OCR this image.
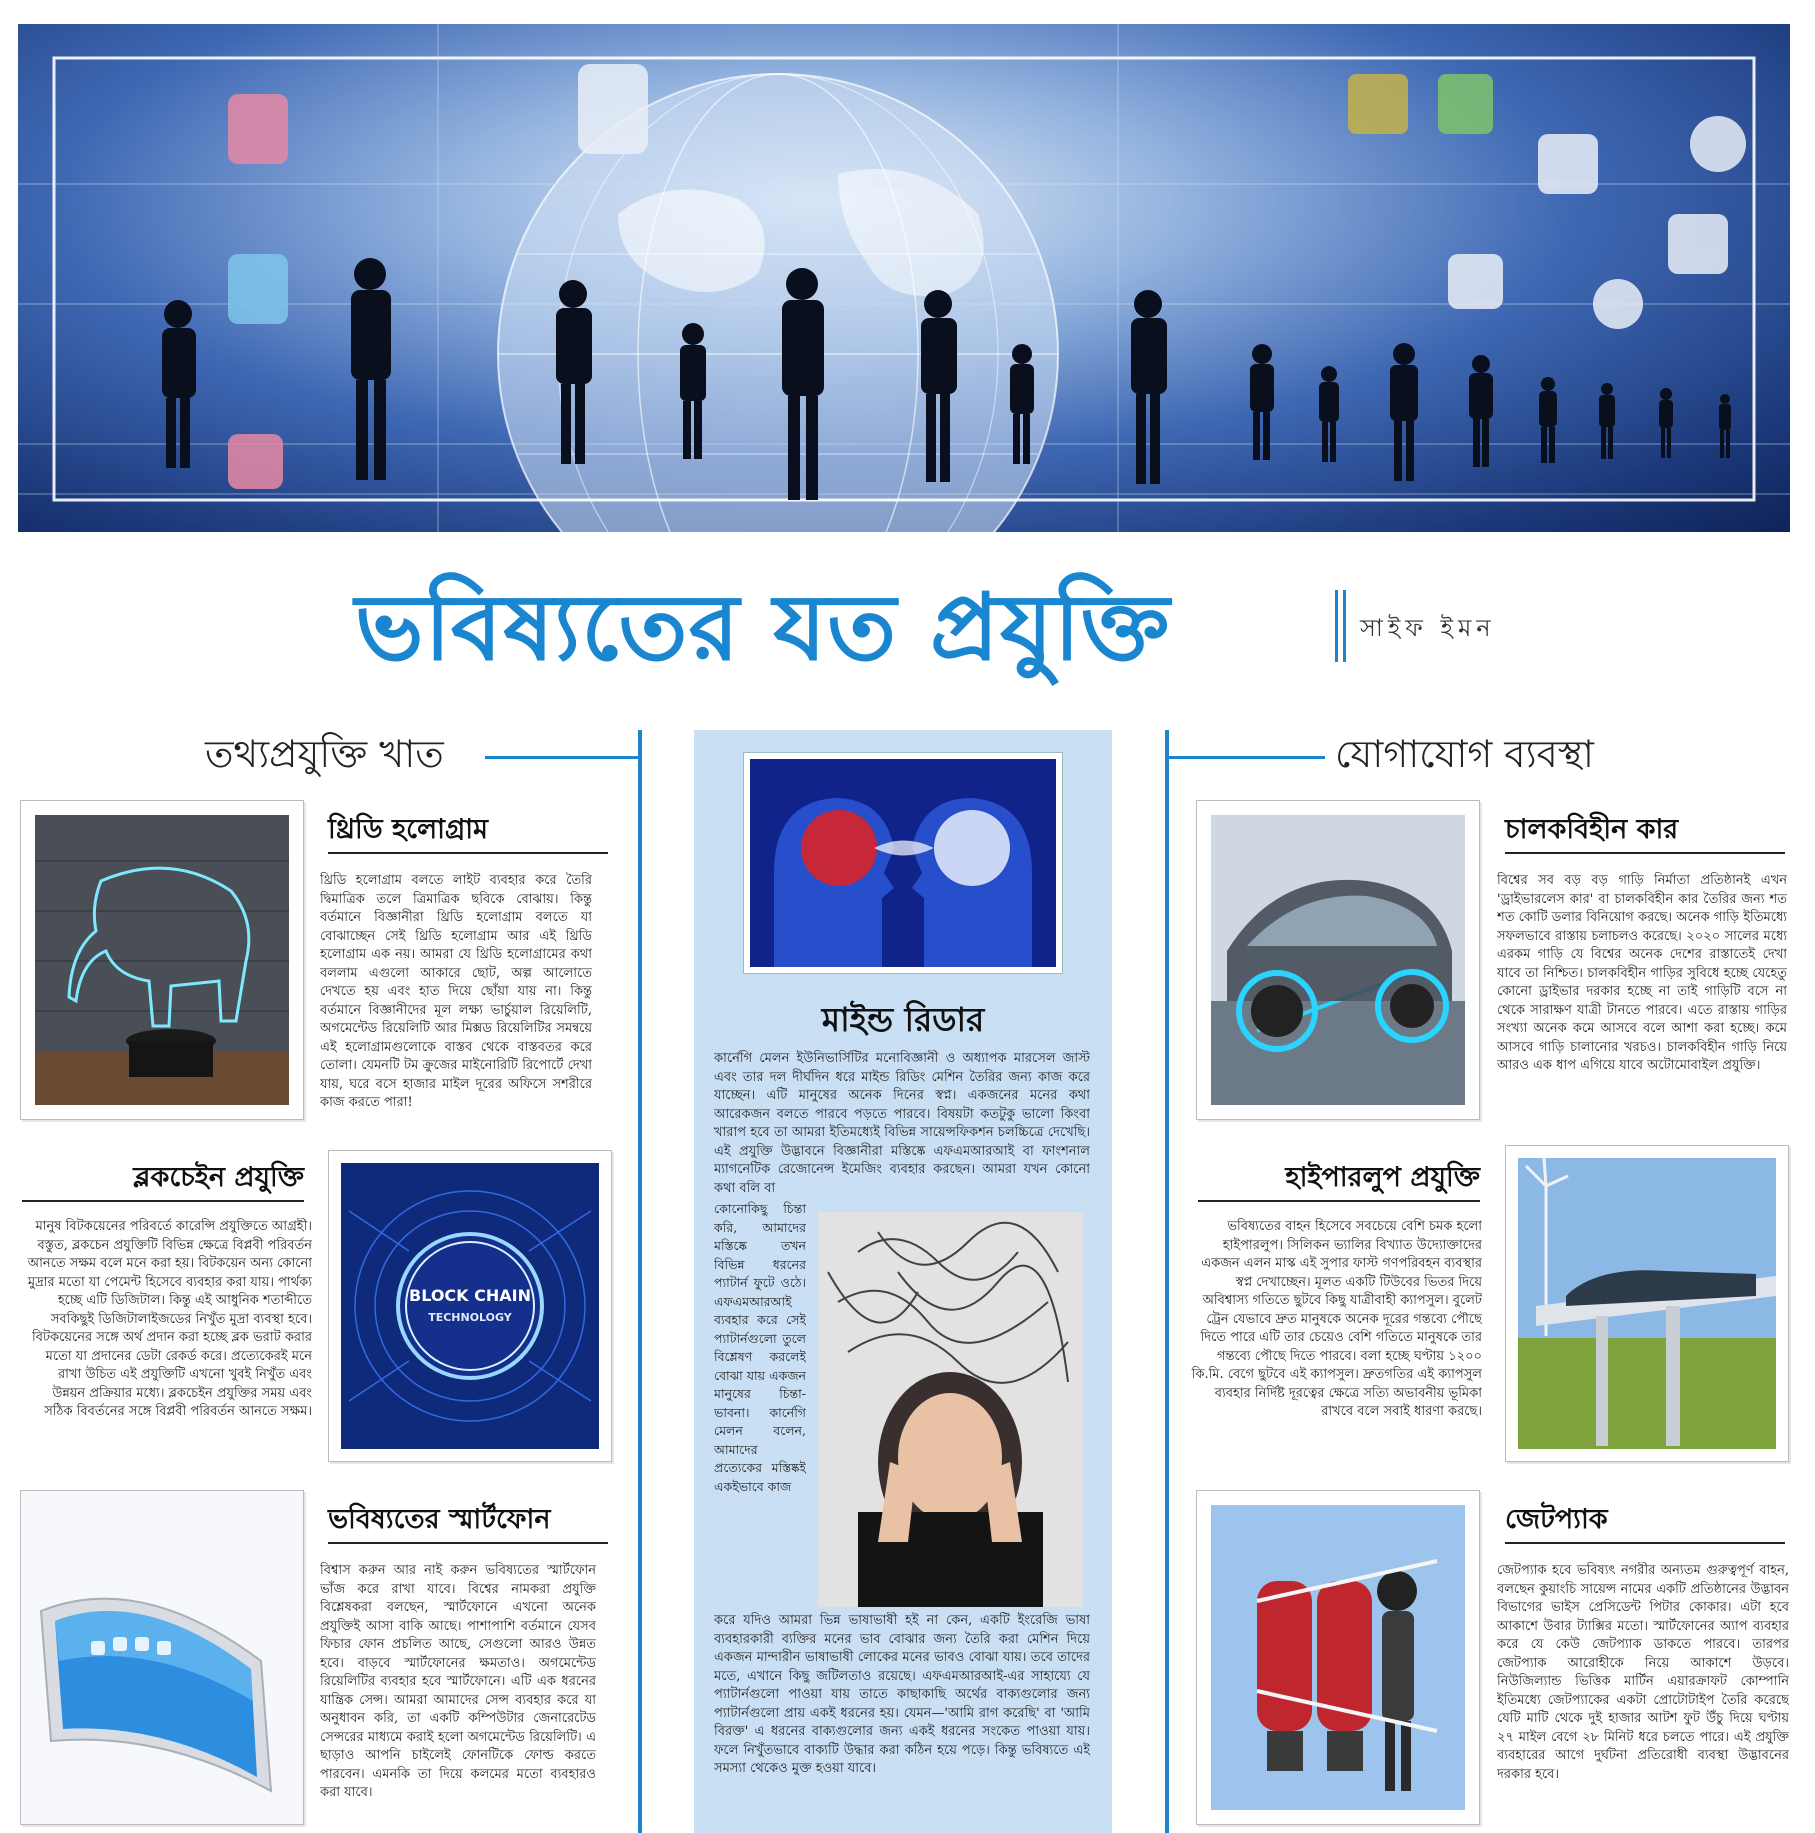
ভবিষ্যতের যত প্রযুক্তি	সাইফ ইমন
তথ্যপ্রযুক্তি খাত	যোগাযোগ ব্যবস্থা
থ্রিডি হলোগ্রাম

থ্রিডি হলোগ্রাম বলতে লাইট ব্যবহার করে তৈরি দ্বিমাত্রিক তলে ত্রিমাত্রিক ছবিকে বোঝায়। কিন্তু বর্তমানে বিজ্ঞানীরা থ্রিডি হলোগ্রাম বলতে যা বোঝাচ্ছেন সেই থ্রিডি হলোগ্রাম আর এই থ্রিডি হলোগ্রাম এক নয়। আমরা যে থ্রিডি হলোগ্রামের কথা বললাম এগুলো আকারে ছোট, অল্প আলোতে দেখতে হয় এবং হাত দিয়ে ছোঁয়া যায় না। কিন্তু বর্তমানে বিজ্ঞানীদের মূল লক্ষ্য ভার্চুয়াল রিয়েলিটি, অগমেন্টেড রিয়েলিটি আর মিক্সড রিয়েলিটির সমন্বয়ে এই হলোগ্রামগুলোকে বাস্তব থেকে বাস্তবতর করে তোলা। যেমনটি টম ক্রুজের মাইনোরিটি রিপোর্টে দেখা যায়, ঘরে বসে হাজার মাইল দূরের অফিসে সশরীরে কাজ করতে পারা!

ব্লকচেইন প্রযুক্তি

মানুষ বিটকয়েনের পরিবর্তে কারেন্সি প্রযুক্তিতে আগ্রহী। বস্তুত, ব্লকচেন প্রযুক্তিটি বিভিন্ন ক্ষেত্রে বিপ্লবী পরিবর্তন আনতে সক্ষম বলে মনে করা হয়। বিটকয়েন অন্য কোনো মুদ্রার মতো যা পেমেন্ট হিসেবে ব্যবহার করা যায়। পার্থক্য হচ্ছে এটি ডিজিটাল। কিন্তু এই আধুনিক শতাব্দীতে সবকিছুই ডিজিটালাইজডের নিখুঁত মুদ্রা ব্যবস্থা হবে। বিটকয়েনের সঙ্গে অর্থ প্রদান করা হচ্ছে ব্লক ভরাট করার মতো যা প্রদানের ডেটা রেকর্ড করে। প্রত্যেকেরই মনে রাখা উচিত এই প্রযুক্তিটি এখনো খুবই নিখুঁত এবং উন্নয়ন প্রক্রিয়ার মধ্যে। ব্লকচেইন প্রযুক্তির সময় এবং সঠিক বিবর্তনের সঙ্গে বিপ্লবী পরিবর্তন আনতে সক্ষম।

BLOCK CHAIN
TECHNOLOGY
ভবিষ্যতের স্মার্টফোন

বিশ্বাস করুন আর নাই করুন ভবিষ্যতের স্মার্টফোন ভাঁজ করে রাখা যাবে। বিশ্বের নামকরা প্রযুক্তি বিশ্লেষকরা বলছেন, স্মার্টফোনে এখনো অনেক প্রযুক্তিই আসা বাকি আছে। পাশাপাশি বর্তমানে যেসব ফিচার ফোন প্রচলিত আছে, সেগুলো আরও উন্নত হবে। বাড়বে স্মার্টফোনের ক্ষমতাও। অগমেন্টেড রিয়েলিটির ব্যবহার হবে স্মার্টফোনে। এটি এক ধরনের যান্ত্রিক সেন্স। আমরা আমাদের সেন্স ব্যবহার করে যা অনুধাবন করি, তা একটি কম্পিউটার জেনারেটেড সেন্সরের মাধ্যমে করাই হলো অগমেন্টেড রিয়েলিটি। এ ছাড়াও আপনি চাইলেই ফোনটিকে ফোল্ড করতে পারবেন। এমনকি তা দিয়ে কলমের মতো ব্যবহারও করা যাবে।

মাইন্ড রিডার

কার্নেগি মেলন ইউনিভার্সিটির মনোবিজ্ঞানী ও অধ্যাপক মারসেল জাস্ট এবং তার দল দীর্ঘদিন ধরে মাইন্ড রিডিং মেশিন তৈরির জন্য কাজ করে যাচ্ছেন। এটি মানুষের অনেক দিনের স্বপ্ন। একজনের মনের কথা আরেকজন বলতে পারবে পড়তে পারবে। বিষয়টা কতটুকু ভালো কিংবা খারাপ হবে তা আমরা ইতিমধ্যেই বিভিন্ন সায়েন্সফিকশন চলচ্চিত্রে দেখেছি। এই প্রযুক্তি উদ্ভাবনে বিজ্ঞানীরা মস্তিষ্কে এফএমআরআই বা ফাংশনাল ম্যাগনেটিক রেজোনেন্স ইমেজিং ব্যবহার করছেন। আমরা যখন কোনো কথা বলি বা

কোনোকিছু চিন্তা করি, আমাদের মস্তিষ্কে তখন বিভিন্ন ধরনের প্যাটার্ন ফুটে ওঠে। এফএমআরআই ব্যবহার করে সেই প্যাটার্নগুলো তুলে বিশ্লেষণ করলেই বোঝা যায় একজন মানুষের চিন্তা-ভাবনা। কার্নেগি মেলন বলেন, আমাদের প্রত্যেকের মস্তিষ্কই একইভাবে কাজ

করে যদিও আমরা ভিন্ন ভাষাভাষী হই না কেন, একটি ইংরেজি ভাষা ব্যবহারকারী ব্যক্তির মনের ভাব বোঝার জন্য তৈরি করা মেশিন দিয়ে একজন মান্দারীন ভাষাভাষী লোকের মনের ভাবও বোঝা যায়। তবে তাদের মতে, এখানে কিছু জটিলতাও রয়েছে। এফএমআরআই-এর সাহায্যে যে প্যাটার্নগুলো পাওয়া যায় তাতে কাছাকাছি অর্থের বাক্যগুলোর জন্য প্যাটার্নগুলো প্রায় একই ধরনের হয়। যেমন—'আমি রাগ করেছি' বা 'আমি বিরক্ত' এ ধরনের বাক্যগুলোর জন্য একই ধরনের সংকেত পাওয়া যায়। ফলে নিখুঁতভাবে বাক্যটি উদ্ধার করা কঠিন হয়ে পড়ে। কিন্তু ভবিষ্যতে এই সমস্যা থেকেও মুক্ত হওয়া যাবে।

চালকবিহীন কার

বিশ্বের সব বড় বড় গাড়ি নির্মাতা প্রতিষ্ঠানই এখন 'ড্রাইভারলেস কার' বা চালকবিহীন কার তৈরির জন্য শত শত কোটি ডলার বিনিয়োগ করছে। অনেক গাড়ি ইতিমধ্যে সফলভাবে রাস্তায় চলাচলও করেছে। ২০২০ সালের মধ্যে এরকম গাড়ি যে বিশ্বের অনেক দেশের রাস্তাতেই দেখা যাবে তা নিশ্চিত। চালকবিহীন গাড়ির সুবিধে হচ্ছে যেহেতু কোনো ড্রাইভার দরকার হচ্ছে না তাই গাড়িটি বসে না থেকে সারাক্ষণ যাত্রী টানতে পারবে। এতে রাস্তায় গাড়ির সংখ্যা অনেক কমে আসবে বলে আশা করা হচ্ছে। কমে আসবে গাড়ি চালানোর খরচও। চালকবিহীন গাড়ি নিয়ে আরও এক ধাপ এগিয়ে যাবে অটোমোবাইল প্রযুক্তি।

হাইপারলুপ প্রযুক্তি

ভবিষ্যতের বাহন হিসেবে সবচেয়ে বেশি চমক হলো হাইপারলুপ। সিলিকন ভ্যালির বিখ্যাত উদ্যোক্তাদের একজন এলন মাস্ক এই সুপার ফাস্ট গণপরিবহন ব্যবস্থার স্বপ্ন দেখাচ্ছেন। মূলত একটি টিউবের ভিতর দিয়ে অবিশ্বাস্য গতিতে ছুটবে কিছু যাত্রীবাহী ক্যাপসুল। বুলেট ট্রেন যেভাবে দ্রুত মানুষকে অনেক দূরের গন্তব্যে পৌছে দিতে পারে এটি তার চেয়েও বেশি গতিতে মানুষকে তার গন্তব্যে পৌছে দিতে পারবে। বলা হচ্ছে ঘণ্টায় ১২০০ কি.মি. বেগে ছুটবে এই ক্যাপসুল। দ্রুতগতির এই ক্যাপসুল ব্যবহার নির্দিষ্ট দূরত্বের ক্ষেত্রে সত্যি অভাবনীয় ভূমিকা রাখবে বলে সবাই ধারণা করছে।

জেটপ্যাক

জেটপ্যাক হবে ভবিষ্যৎ নগরীর অন্যতম গুরুত্বপূর্ণ বাহন, বলছেন কুয়াংচি সায়েন্স নামের একটি প্রতিষ্ঠানের উদ্ভাবন বিভাগের ভাইস প্রেসিডেন্ট পিটার কোকার। এটা হবে আকাশে উবার ট্যাক্সির মতো। স্মার্টফোনের অ্যাপ ব্যবহার করে যে কেউ জেটপ্যাক ডাকতে পারবে। তারপর জেটপ্যাক আরোহীকে নিয়ে আকাশে উড়বে। নিউজিল্যান্ড ভিত্তিক মার্টিন এয়ারক্রাফট কোম্পানি ইতিমধ্যে জেটপ্যাকের একটা প্রোটোটাইপ তৈরি করেছে যেটি মাটি থেকে দুই হাজার আটশ ফুট উঁচু দিয়ে ঘণ্টায় ২৭ মাইল বেগে ২৮ মিনিট ধরে চলতে পারে। এই প্রযুক্তি ব্যবহারের আগে দুর্ঘটনা প্রতিরোধী ব্যবস্থা উদ্ভাবনের দরকার হবে।
